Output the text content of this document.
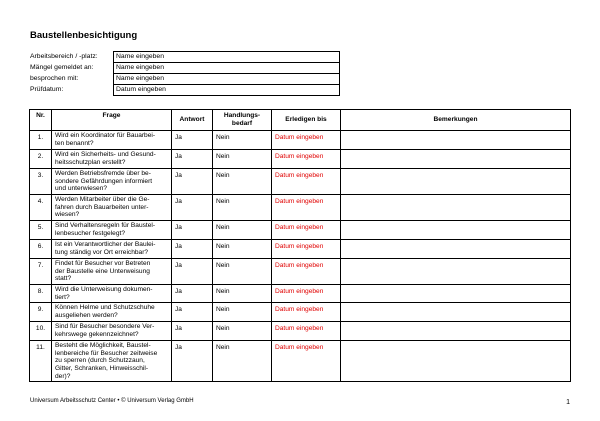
Baustellenbesichtigung
Arbeitsbereich / -platz:	Name eingeben
Mängel gemeldet an:	Name eingeben
besprochen mit:	Name eingeben
Prüfdatum:	Datum eingeben
Nr.	Frage	Antwort	Handlungs-
bedarf	Erledigen bis	Bemerkungen
1.	Wird ein Koordinator für Bauarbei-
ten benannt?	Ja	Nein	Datum eingeben	
2.	Wird ein Sicherheits- und Gesund-
heitsschutzplan erstellt?	Ja	Nein	Datum eingeben	
3.	Werden Betriebsfremde über be-
sondere Gefährdungen informiert
und unterwiesen?	Ja	Nein	Datum eingeben	
4.	Werden Mitarbeiter über die Ge-
fahren durch Bauarbeiten unter-
wiesen?	Ja	Nein	Datum eingeben	
5.	Sind Verhaltensregeln für Baustel-
lenbesucher festgelegt?	Ja	Nein	Datum eingeben	
6.	Ist ein Verantwortlicher der Baulei-
tung ständig vor Ort erreichbar?	Ja	Nein	Datum eingeben	
7.	Findet für Besucher vor Betreten
der Baustelle eine Unterweisung
statt?	Ja	Nein	Datum eingeben	
8.	Wird die Unterweisung dokumen-
tiert?	Ja	Nein	Datum eingeben	
9.	Können Helme und Schutzschuhe
ausgeliehen werden?	Ja	Nein	Datum eingeben	
10.	Sind für Besucher besondere Ver-
kehrswege gekennzeichnet?	Ja	Nein	Datum eingeben	
11.	Besteht die Möglichkeit, Baustel-
lenbereiche für Besucher zeitweise
zu sperren (durch Schutzzaun,
Gitter, Schranken, Hinweisschil-
der)?	Ja	Nein	Datum eingeben	
Universum Arbeitsschutz Center • © Universum Verlag GmbH	1
